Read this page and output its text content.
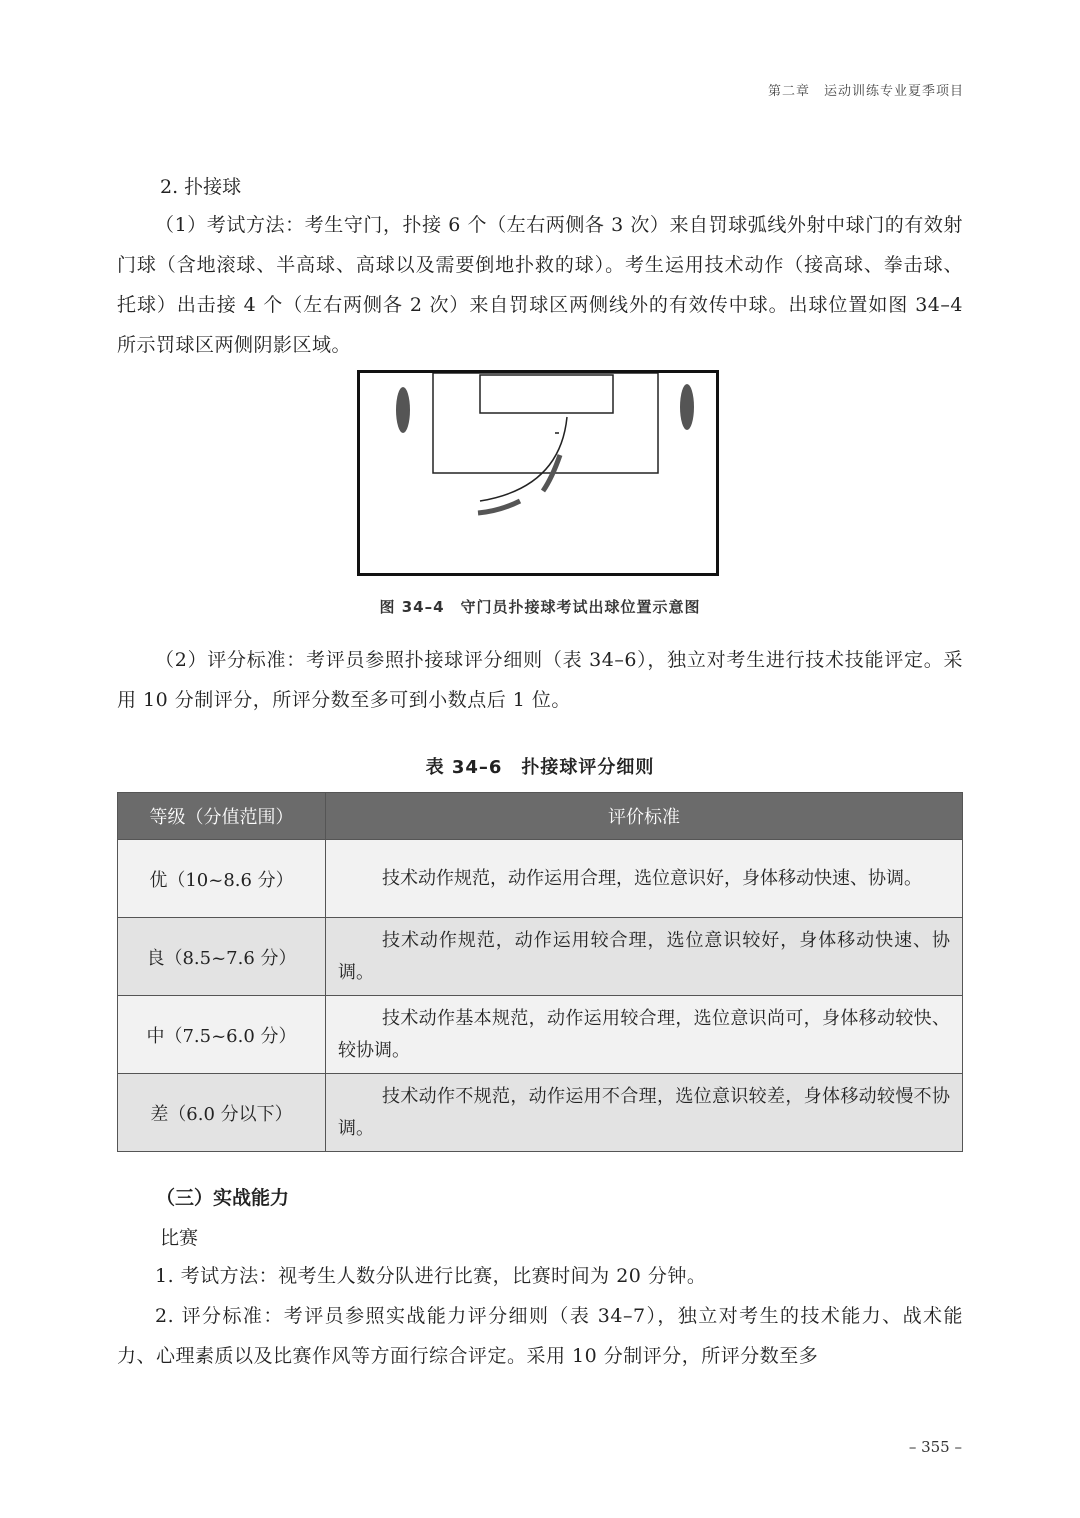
第二章　运动训练专业夏季项目
2. 扑接球
（1）考试方法：考生守门，扑接 6 个（左右两侧各 3 次）来自罚球弧线外射中球门的有效射门球（含地滚球、半高球、高球以及需要倒地扑救的球）。考生运用技术动作（接高球、拳击球、托球）出击接 4 个（左右两侧各 2 次）来自罚球区两侧线外的有效传中球。出球位置如图 34–4 所示罚球区两侧阴影区域。
图 34–4　守门员扑接球考试出球位置示意图
（2）评分标准：考评员参照扑接球评分细则（表 34–6），独立对考生进行技术技能评定。采用 10 分制评分，所评分数至多可到小数点后 1 位。
表 34–6　扑接球评分细则
等级（分值范围）	评价标准
优（10~8.6 分）	技术动作规范，动作运用合理，选位意识好，身体移动快速、协调。

良（8.5~7.6 分）	技术动作规范，动作运用较合理，选位意识较好，身体移动快速、协调。

中（7.5~6.0 分）	技术动作基本规范，动作运用较合理，选位意识尚可，身体移动较快、较协调。

差（6.0 分以下）	技术动作不规范，动作运用不合理，选位意识较差，身体移动较慢不协调。
（三）实战能力
比赛
1. 考试方法：视考生人数分队进行比赛，比赛时间为 20 分钟。
2. 评分标准：考评员参照实战能力评分细则（表 34–7），独立对考生的技术能力、战术能力、心理素质以及比赛作风等方面行综合评定。采用 10 分制评分，所评分数至多
– 355 –
